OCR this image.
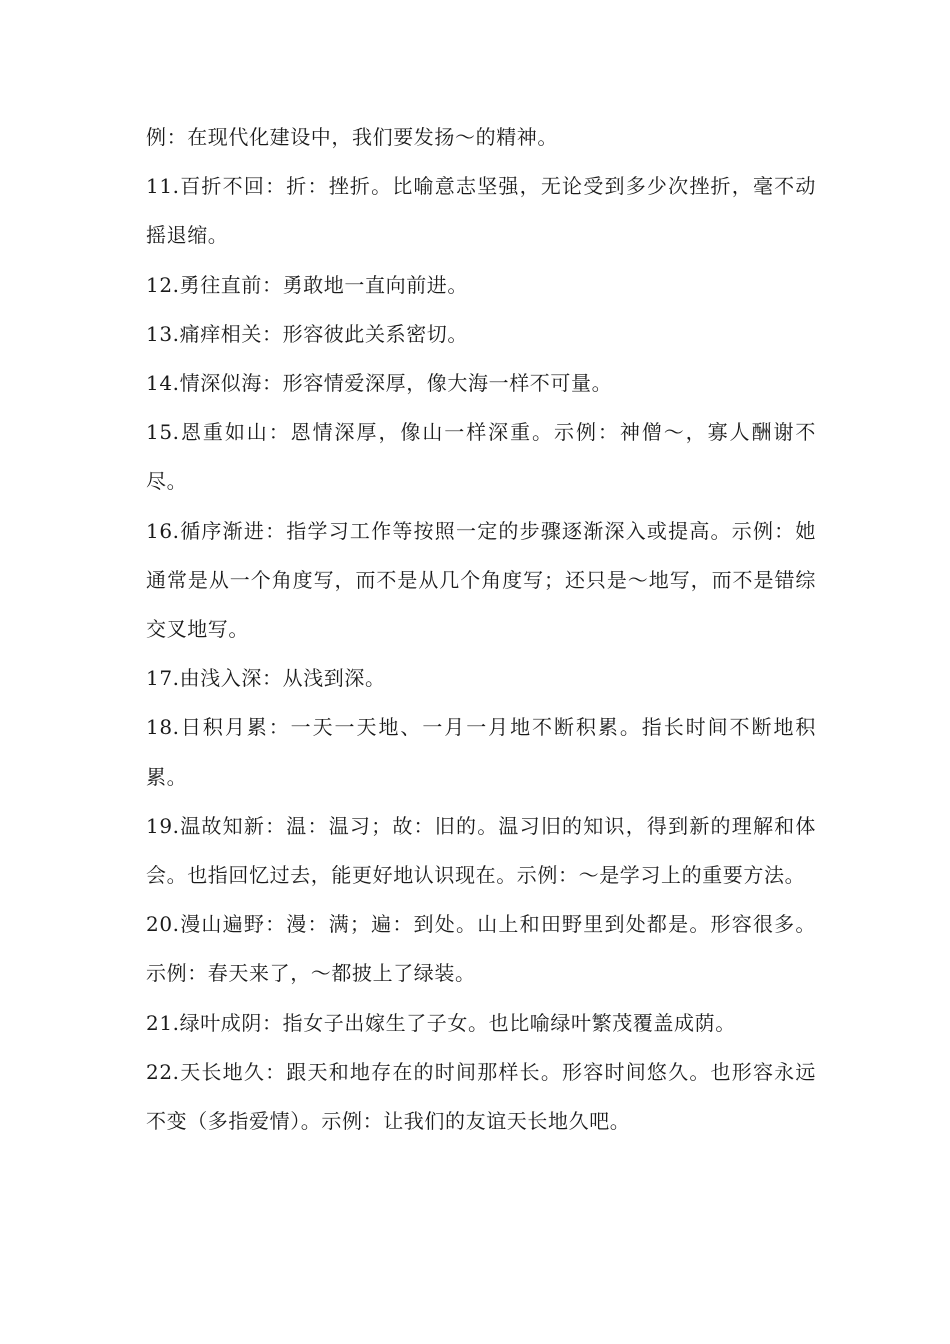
例：在现代化建设中，我们要发扬～的精神。

11.百折不回：折：挫折。比喻意志坚强，无论受到多少次挫折，毫不动摇退缩。

12.勇往直前：勇敢地一直向前进。

13.痛痒相关：形容彼此关系密切。

14.情深似海：形容情爱深厚，像大海一样不可量。

15.恩重如山：恩情深厚，像山一样深重。示例：神僧～，寡人酬谢不尽。

16.循序渐进：指学习工作等按照一定的步骤逐渐深入或提高。示例：她通常是从一个角度写，而不是从几个角度写；还只是～地写，而不是错综交叉地写。

17.由浅入深：从浅到深。

18.日积月累：一天一天地、一月一月地不断积累。指长时间不断地积累。

19.温故知新：温：温习；故：旧的。温习旧的知识，得到新的理解和体会。也指回忆过去，能更好地认识现在。示例：～是学习上的重要方法。

20.漫山遍野：漫：满；遍：到处。山上和田野里到处都是。形容很多。示例：春天来了，～都披上了绿装。

21.绿叶成阴：指女子出嫁生了子女。也比喻绿叶繁茂覆盖成荫。

22.天长地久：跟天和地存在的时间那样长。形容时间悠久。也形容永远不变（多指爱情）。示例：让我们的友谊天长地久吧。
